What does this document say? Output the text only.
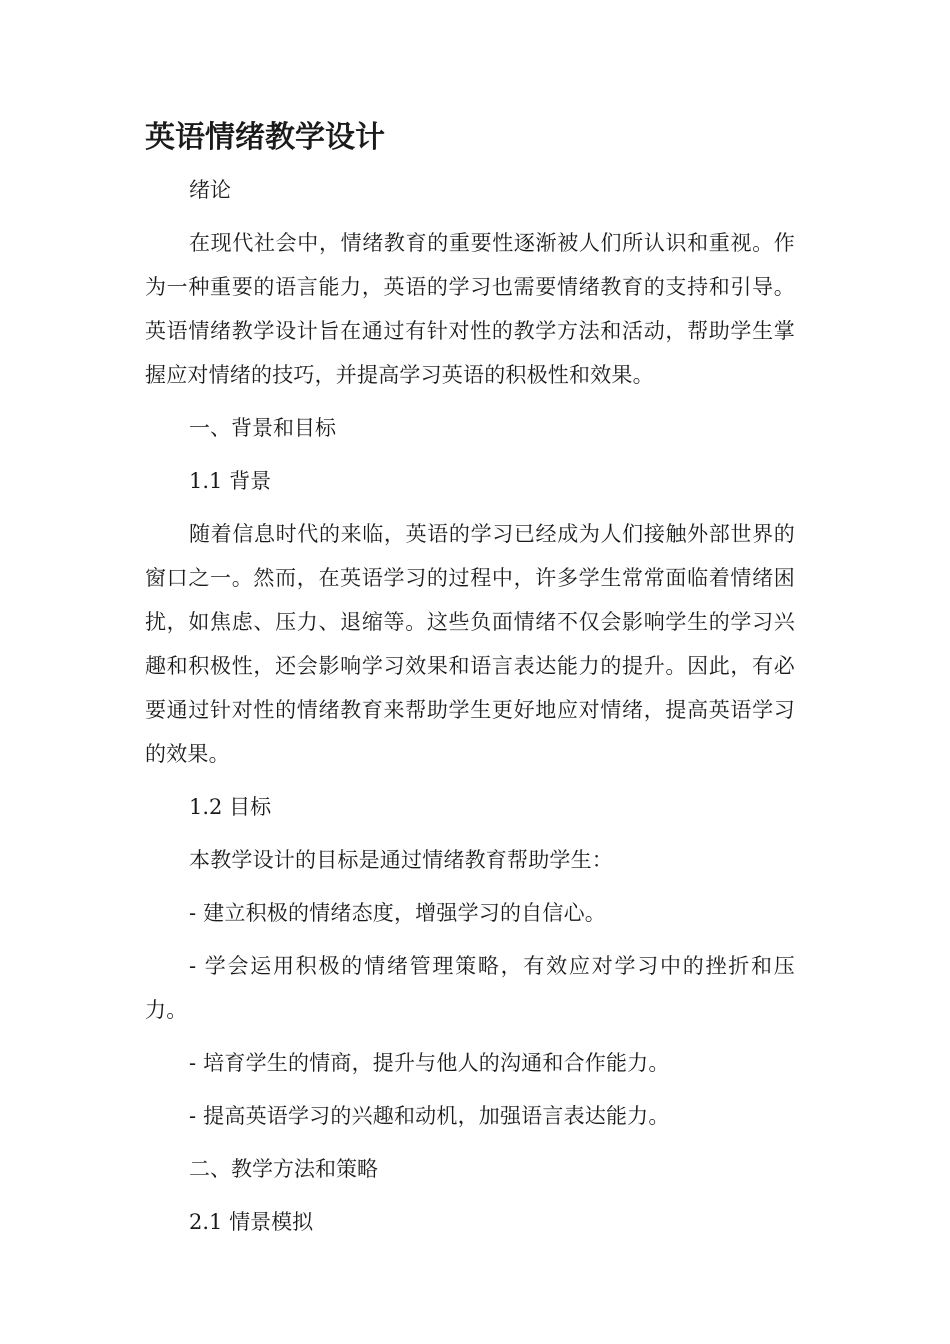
英语情绪教学设计

绪论

在现代社会中，情绪教育的重要性逐渐被人们所认识和重视。作为一种重要的语言能力，英语的学习也需要情绪教育的支持和引导。英语情绪教学设计旨在通过有针对性的教学方法和活动，帮助学生掌握应对情绪的技巧，并提高学习英语的积极性和效果。

一、背景和目标

1.1 背景

随着信息时代的来临，英语的学习已经成为人们接触外部世界的窗口之一。然而，在英语学习的过程中，许多学生常常面临着情绪困扰，如焦虑、压力、退缩等。这些负面情绪不仅会影响学生的学习兴趣和积极性，还会影响学习效果和语言表达能力的提升。因此，有必要通过针对性的情绪教育来帮助学生更好地应对情绪，提高英语学习的效果。

1.2 目标

本教学设计的目标是通过情绪教育帮助学生：

- 建立积极的情绪态度，增强学习的自信心。

- 学会运用积极的情绪管理策略，有效应对学习中的挫折和压力。

- 培育学生的情商，提升与他人的沟通和合作能力。

- 提高英语学习的兴趣和动机，加强语言表达能力。

二、教学方法和策略

2.1 情景模拟
